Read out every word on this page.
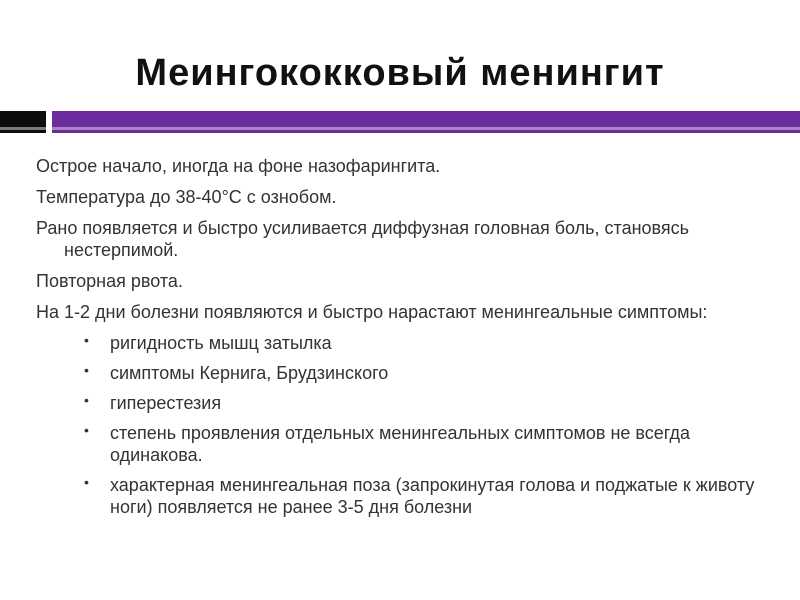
Меингококковый менингит

Острое начало, иногда на фоне назофарингита.

Температура до 38-40°С с ознобом.

Рано появляется и быстро усиливается диффузная головная боль, становясь нестерпимой.

Повторная рвота.

На 1-2 дни болезни появляются и быстро нарастают менингеальные симптомы:

• ригидность мышц затылка
• симптомы Кернига, Брудзинского
• гиперестезия
• степень проявления отдельных менингеальных симптомов не всегда одинакова.
• характерная менингеальная поза (запрокинутая голова и поджатые к животу ноги) появляется не ранее 3-5 дня болезни
